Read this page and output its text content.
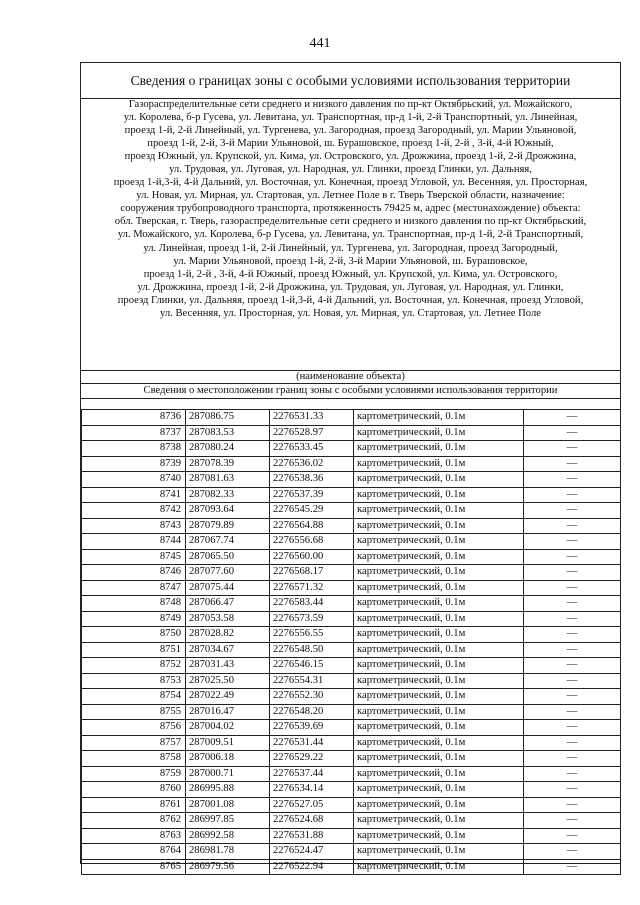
441
Сведения о границах зоны с особыми условиями использования территории
Газораспределительные сети среднего и низкого давления по пр-кт Октябрьский, ул. Можайского,
ул. Королева, б-р Гусева, ул. Левитана, ул. Транспортная, пр-д 1-й, 2-й Транспортный, ул. Линейная,
проезд 1-й, 2-й Линейный, ул. Тургенева, ул. Загородная, проезд Загородный, ул. Марии Ульяновой,
проезд 1-й, 2-й, 3-й Марии Ульяновой, ш. Бурашовское, проезд 1-й, 2-й , 3-й, 4-й Южный,
проезд Южный, ул. Крупской, ул. Кима, ул. Островского, ул. Дрожжина, проезд 1-й, 2-й Дрожжина,
ул. Трудовая, ул. Луговая, ул. Народная, ул. Глинки, проезд Глинки, ул. Дальняя,
проезд 1-й,3-й, 4-й Дальний, ул. Восточная, ул. Конечная, проезд Угловой, ул. Весенняя, ул. Просторная,
ул. Новая, ул. Мирная, ул. Стартовая, ул. Летнее Поле в г. Тверь Тверской области, назначение:
сооружения трубопроводного транспорта, протяженность 79425 м, адрес (местонахождение) объекта:
обл. Тверская, г. Тверь, газораспределительные сети среднего и низкого давления по пр-кт Октябрьский,
ул. Можайского, ул. Королева, б-р Гусева, ул. Левитана, ул. Транспортная, пр-д 1-й, 2-й Транспортный,
ул. Линейная, проезд 1-й, 2-й Линейный, ул. Тургенева, ул. Загородная, проезд Загородный,
ул. Марии Ульяновой, проезд 1-й, 2-й, 3-й Марии Ульяновой, ш. Бурашовское,
проезд 1-й, 2-й , 3-й, 4-й Южный, проезд Южный, ул. Крупской, ул. Кима, ул. Островского,
ул. Дрожжина, проезд 1-й, 2-й Дрожжина, ул. Трудовая, ул. Луговая, ул. Народная, ул. Глинки,
проезд Глинки, ул. Дальняя, проезд 1-й,3-й, 4-й Дальний, ул. Восточная, ул. Конечная, проезд Угловой,
ул. Весенняя, ул. Просторная, ул. Новая, ул. Мирная, ул. Стартовая, ул. Летнее Поле
(наименование объекта)
Сведения о местоположении границ зоны с особыми условиями использования территории
8736	287086.75	2276531.33	картометрический, 0.1м	—
8737	287083.53	2276528.97	картометрический, 0.1м	—
8738	287080.24	2276533.45	картометрический, 0.1м	—
8739	287078.39	2276536.02	картометрический, 0.1м	—
8740	287081.63	2276538.36	картометрический, 0.1м	—
8741	287082.33	2276537.39	картометрический, 0.1м	—
8742	287093.64	2276545.29	картометрический, 0.1м	—
8743	287079.89	2276564.88	картометрический, 0.1м	—
8744	287067.74	2276556.68	картометрический, 0.1м	—
8745	287065.50	2276560.00	картометрический, 0.1м	—
8746	287077.60	2276568.17	картометрический, 0.1м	—
8747	287075.44	2276571.32	картометрический, 0.1м	—
8748	287066.47	2276583.44	картометрический, 0.1м	—
8749	287053.58	2276573.59	картометрический, 0.1м	—
8750	287028.82	2276556.55	картометрический, 0.1м	—
8751	287034.67	2276548.50	картометрический, 0.1м	—
8752	287031.43	2276546.15	картометрический, 0.1м	—
8753	287025.50	2276554.31	картометрический, 0.1м	—
8754	287022.49	2276552.30	картометрический, 0.1м	—
8755	287016.47	2276548.20	картометрический, 0.1м	—
8756	287004.02	2276539.69	картометрический, 0.1м	—
8757	287009.51	2276531.44	картометрический, 0.1м	—
8758	287006.18	2276529.22	картометрический, 0.1м	—
8759	287000.71	2276537.44	картометрический, 0.1м	—
8760	286995.88	2276534.14	картометрический, 0.1м	—
8761	287001.08	2276527.05	картометрический, 0.1м	—
8762	286997.85	2276524.68	картометрический, 0.1м	—
8763	286992.58	2276531.88	картометрический, 0.1м	—
8764	286981.78	2276524.47	картометрический, 0.1м	—
8765	286979.56	2276522.94	картометрический, 0.1м	—
